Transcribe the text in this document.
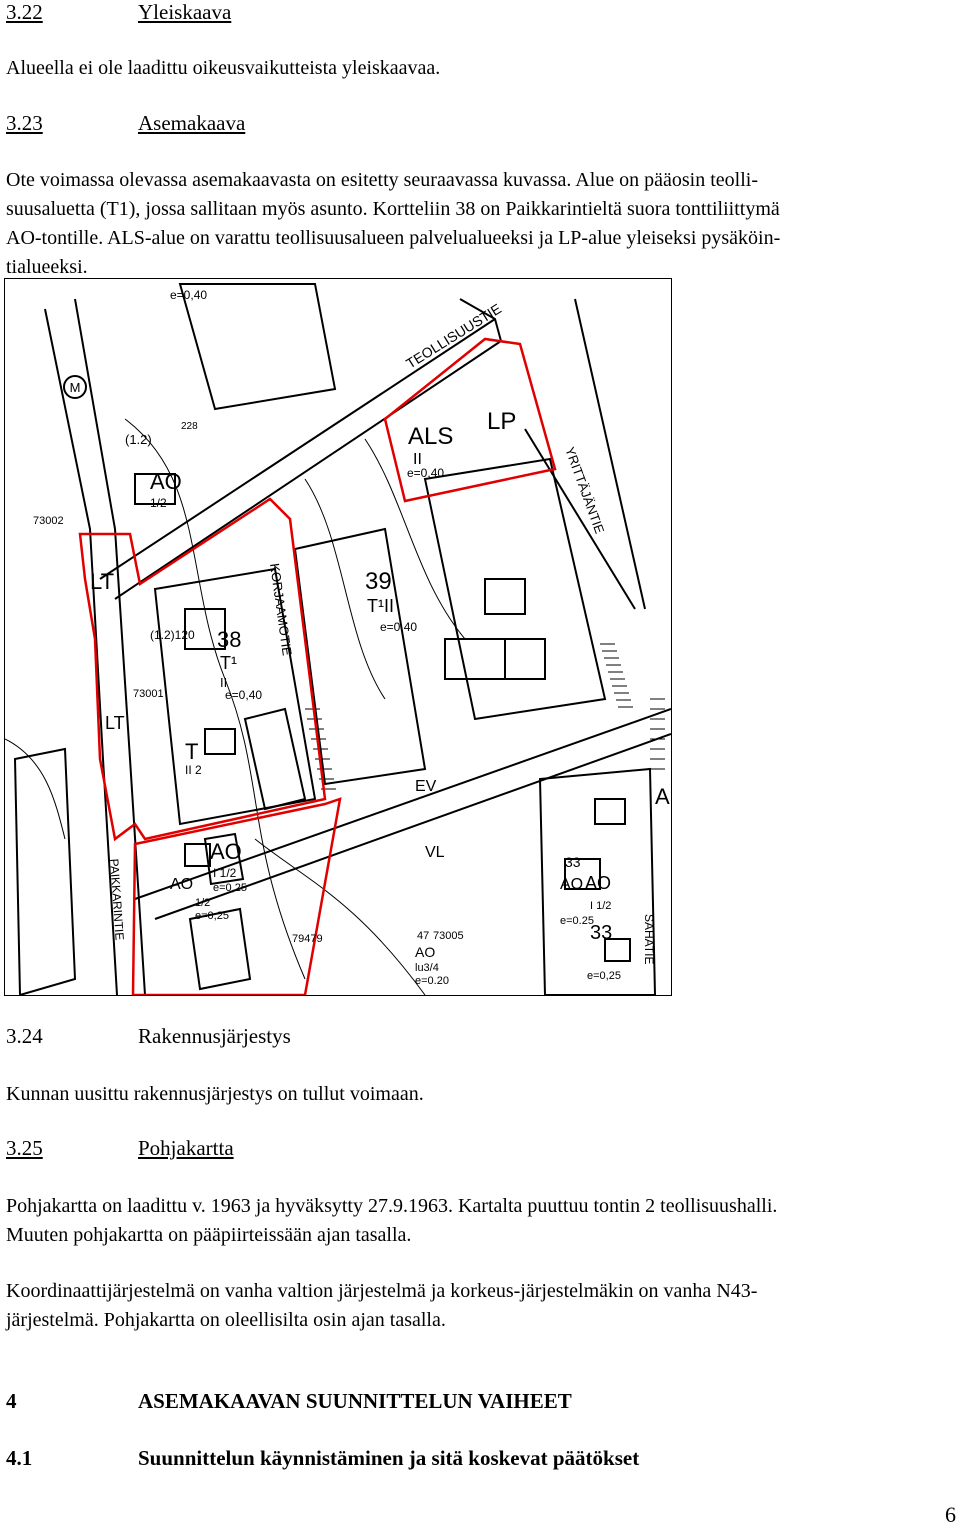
3.22	Yleiskaava
Alueella ei ole laadittu oikeusvaikutteista yleiskaavaa.
3.23	Asemakaava
Ote voimassa olevassa asemakaavasta on esitetty seuraavassa kuvassa. Alue on pääosin teolli-
suusaluetta (T1), jossa sallitaan myös asunto. Kortteliin 38 on Paikkarintieltä suora tonttiliittymä
AO-tontille. ALS-alue on varattu teollisuusalueen palvelualueeksi ja LP-alue yleiseksi pysäköin-
tialueeksi.
TEOLLISUUSTIE
ALS
II
e=0,40
LP
YRITTÄJÄNTIE
KORJAAMOTIE
PAIKKARINTIE	SAHATIE
39
T¹II
e=0.40
38
T¹
II
e=0,40
AO
1/2
LT
LT
T
II 2
AO
I 1/2
e=0,25
AO
1/2
e=0,25
EV
VL
73002
73001
73005
79479
33
AO AO
I 1/2
e=0.25
33
e=0,25
47
AO
lu3/4
e=0.20
e=0,40
228
(1.2)120
(1.2)
A
M
3.24	Rakennusjärjestys
Kunnan uusittu rakennusjärjestys on tullut voimaan.
3.25	Pohjakartta
Pohjakartta on laadittu v. 1963 ja hyväksytty 27.9.1963. Kartalta puuttuu tontin 2 teollisuushalli.
Muuten pohjakartta on pääpiirteissään ajan tasalla.
Koordinaattijärjestelmä on vanha valtion järjestelmä ja korkeus-järjestelmäkin on vanha N43-
järjestelmä. Pohjakartta on oleellisilta osin ajan tasalla.
4	ASEMAKAAVAN SUUNNITTELUN VAIHEET
4.1	Suunnittelun käynnistäminen ja sitä koskevat päätökset
6
